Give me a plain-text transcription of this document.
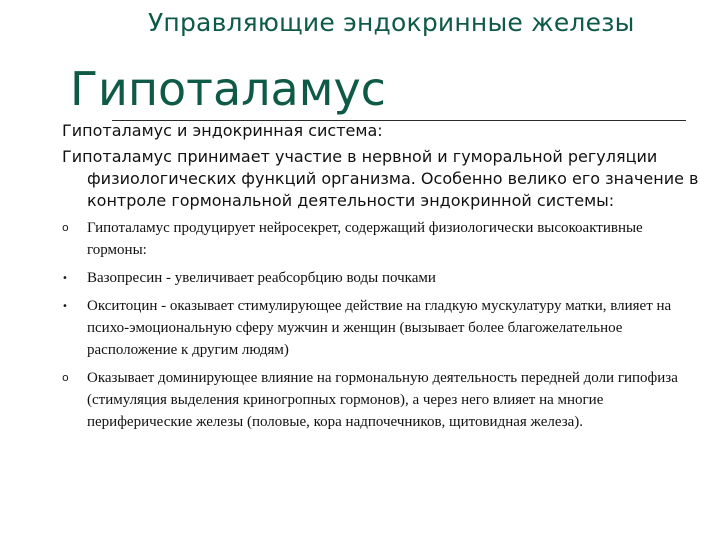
Управляющие эндокринные железы
Гипоталамус
Гипоталамус и эндокринная система:
Гипоталамус принимает участие в нервной и гуморальной регуляции физиологических функций организма. Особенно велико его значение в контроле гормональной деятельности эндокринной системы:
o	Гипоталамус продуцирует нейросекрет, содержащий физиологически высокоактивные гормоны:
•	Вазопресин - увеличивает реабсорбцию воды почками
•	Окситоцин - оказывает стимулирующее действие на гладкую мускулатуру матки, влияет на психо-эмоциональную сферу мужчин и женщин (вызывает более благожелательное расположение к другим людям)
o	Оказывает доминирующее влияние на гормональную деятельность передней доли гипофиза (стимуляция выделения криногропных гормонов), а через него влияет на многие периферические железы (половые, кора надпочечников, щитовидная железа).
